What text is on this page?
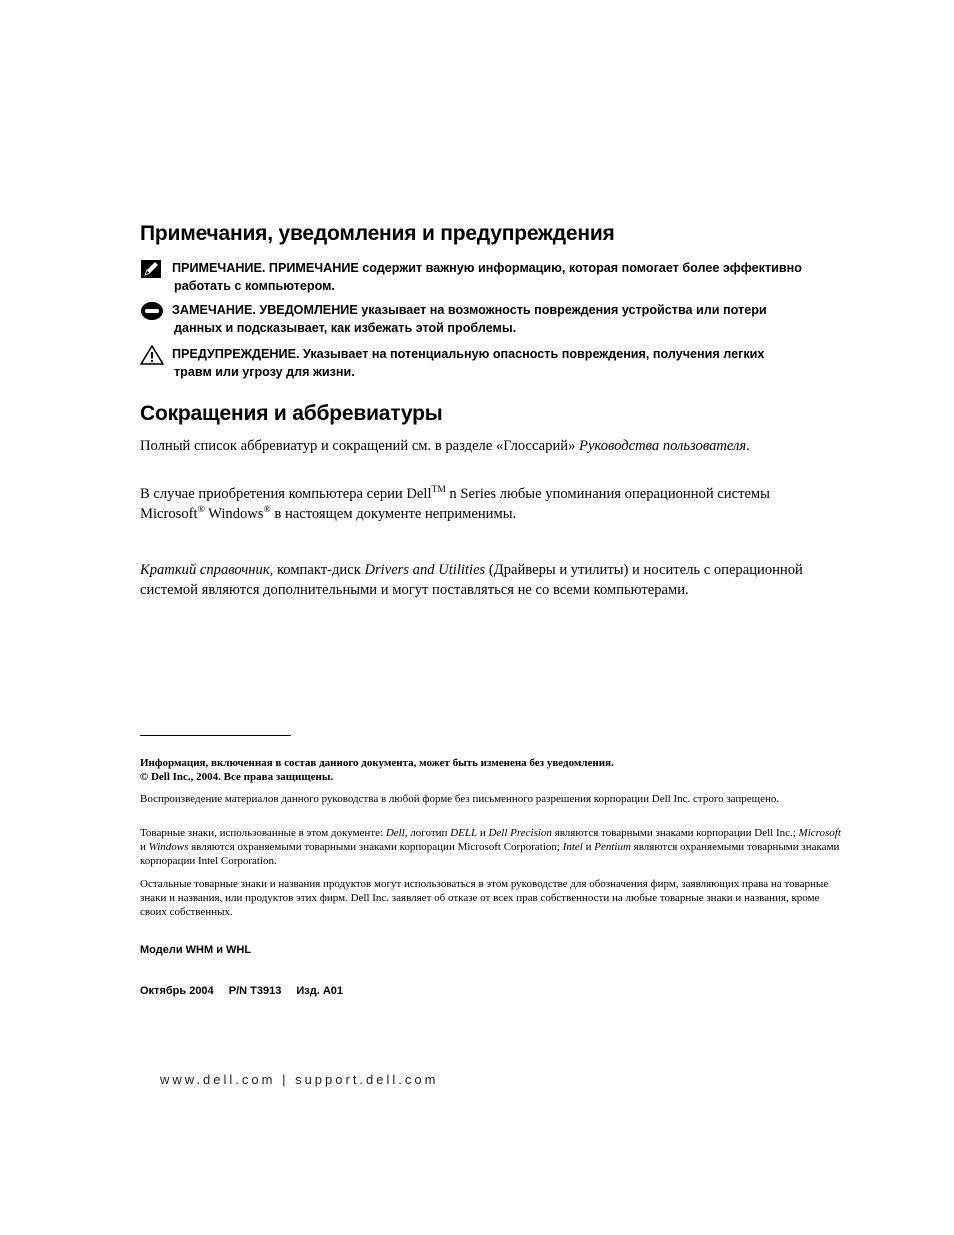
Примечания, уведомления и предупреждения
ПРИМЕЧАНИЕ. ПРИМЕЧАНИЕ содержит важную информацию, которая помогает более эффективно
работать с компьютером.
ЗАМЕЧАНИЕ. УВЕДОМЛЕНИЕ указывает на возможность повреждения устройства или потери
данных и подсказывает, как избежать этой проблемы.
ПРЕДУПРЕЖДЕНИЕ. Указывает на потенциальную опасность повреждения, получения легких
травм или угрозу для жизни.
Сокращения и аббревиатуры
Полный список аббревиатур и сокращений см. в разделе «Глоссарий» Руководства пользователя.
В случае приобретения компьютера серии Dell™ n Series любые упоминания операционной системы
Microsoft® Windows® в настоящем документе неприменимы.
Краткий справочник, компакт-диск Drivers and Utilities (Драйверы и утилиты) и носитель с операционной
системой являются дополнительными и могут поставляться не со всеми компьютерами.
Информация, включенная в состав данного документа, может быть изменена без уведомления.
© Dell Inc., 2004. Все права защищены.
Воспроизведение материалов данного руководства в любой форме без письменного разрешения корпорации Dell Inc. строго запрещено.
Товарные знаки, использованные в этом документе: Dell, логотип DELL и Dell Precision являются товарными знаками корпорации Dell Inc.; Microsoft и Windows являются охраняемыми товарными знаками корпорации Microsoft Corporation; Intel и Pentium являются охраняемыми товарными знаками корпорации Intel Corporation.
Остальные товарные знаки и названия продуктов могут использоваться в этом руководстве для обозначения фирм, заявляющих права на товарные знаки и названия, или продуктов этих фирм. Dell Inc. заявляет об отказе от всех прав собственности на любые товарные знаки и названия, кроме своих собственных.
Модели WHM и WHL
Октябрь 2004 P/N T3913 Изд. A01
www.dell.com | support.dell.com
